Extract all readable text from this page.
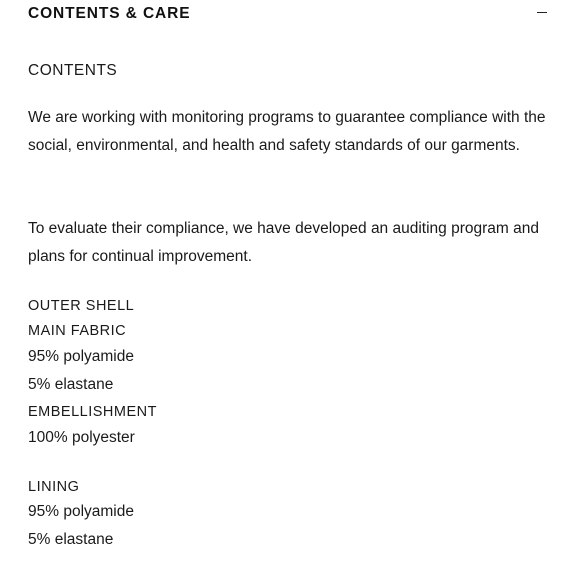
CONTENTS & CARE
CONTENTS

We are working with monitoring programs to guarantee compliance with the social, environmental, and health and safety standards of our garments.

To evaluate their compliance, we have developed an auditing program and plans for continual improvement.

OUTER SHELL
MAIN FABRIC
95% polyamide
5% elastane
EMBELLISHMENT
100% polyester
LINING
95% polyamide
5% elastane
